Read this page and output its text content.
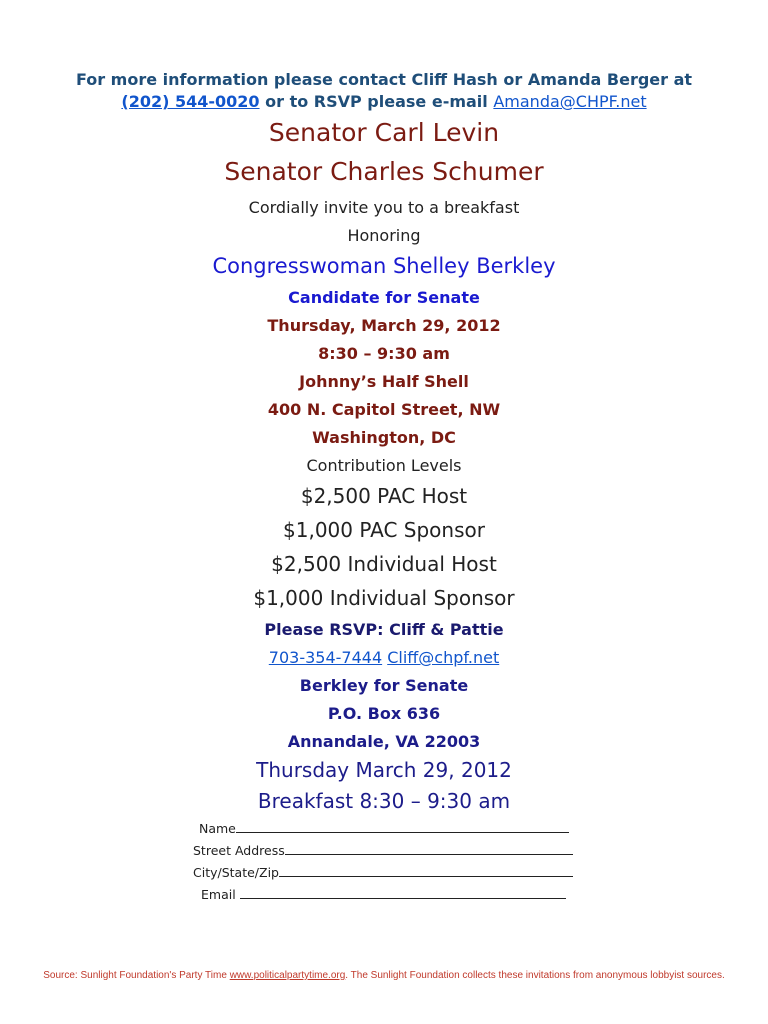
For more information please contact Cliff Hash or Amanda Berger at
(202) 544-0020 or to RSVP please e-mail Amanda@CHPF.net
Senator Carl Levin
Senator Charles Schumer
Cordially invite you to a breakfast
Honoring
Congresswoman Shelley Berkley
Candidate for Senate
Thursday, March 29, 2012
8:30 – 9:30 am
Johnny’s Half Shell
400 N. Capitol Street, NW
Washington, DC
Contribution Levels
$2,500 PAC Host
$1,000 PAC Sponsor
$2,500 Individual Host
$1,000 Individual Sponsor
Please RSVP: Cliff & Pattie
703-354-7444 Cliff@chpf.net
Berkley for Senate
P.O. Box 636
Annandale, VA 22003
Thursday March 29, 2012
Breakfast 8:30 – 9:30 am
Name
Street Address
City/State/Zip
Email
Source: Sunlight Foundation's Party Time www.politicalpartytime.org. The Sunlight Foundation collects these invitations from anonymous lobbyist sources.
